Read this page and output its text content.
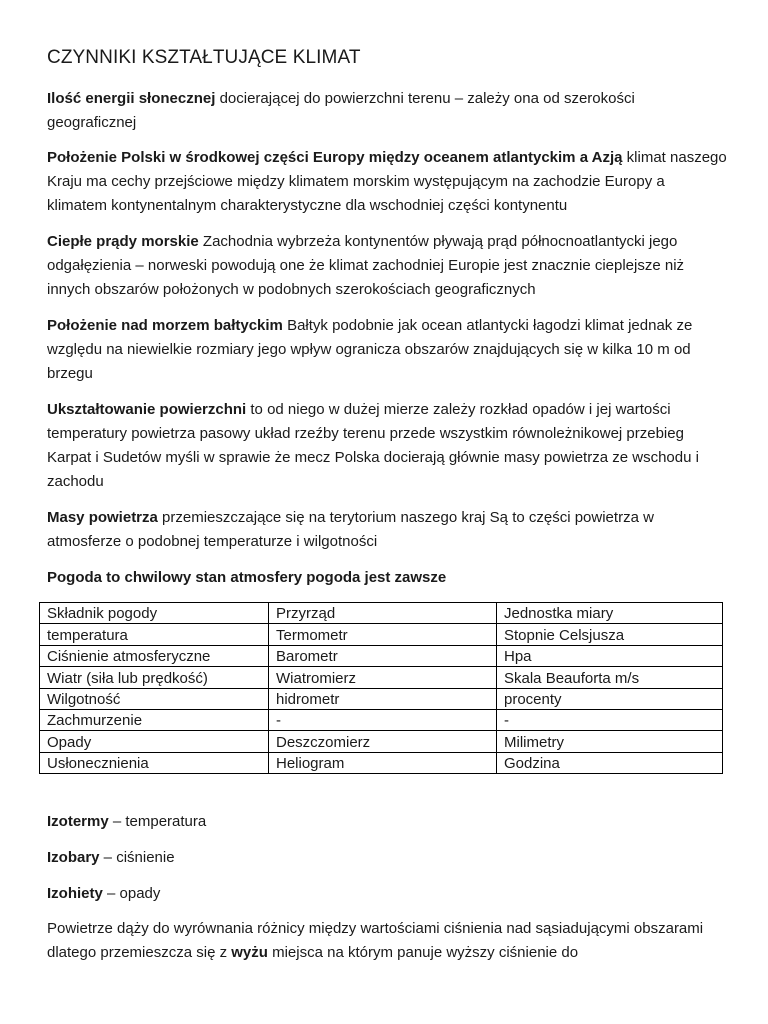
CZYNNIKI KSZTAŁTUJĄCE KLIMAT

Ilość energii słonecznej docierającej do powierzchni terenu – zależy ona od szerokości geograficznej

Położenie Polski w środkowej części Europy między oceanem atlantyckim a Azją klimat naszego Kraju ma cechy przejściowe między klimatem morskim występującym na zachodzie Europy a klimatem kontynentalnym charakterystyczne dla wschodniej części kontynentu

Ciepłe prądy morskie Zachodnia wybrzeża kontynentów pływają prąd północnoatlantycki jego odgałęzienia – norweski powodują one że klimat zachodniej Europie jest znacznie cieplejsze niż innych obszarów położonych w podobnych szerokościach geograficznych

Położenie nad morzem bałtyckim Bałtyk podobnie jak ocean atlantycki łagodzi klimat jednak ze względu na niewielkie rozmiary jego wpływ ogranicza obszarów znajdujących się w kilka 10 m od brzegu

Ukształtowanie powierzchni to od niego w dużej mierze zależy rozkład opadów i jej wartości temperatury powietrza pasowy układ rzeźby terenu przede wszystkim równoleżnikowej przebieg Karpat i Sudetów myśli w sprawie że mecz Polska docierają głównie masy powietrza ze wschodu i zachodu

Masy powietrza przemieszczające się na terytorium naszego kraj Są to części powietrza w atmosferze o podobnej temperaturze i wilgotności

Pogoda to chwilowy stan atmosfery pogoda jest zawsze

Składnik pogody	Przyrząd	Jednostka miary
temperatura	Termometr	Stopnie Celsjusza
Ciśnienie atmosferyczne	Barometr	Hpa
Wiatr (siła lub prędkość)	Wiatromierz	Skala Beauforta m/s
Wilgotność	hidrometr	procenty
Zachmurzenie	-	-
Opady	Deszczomierz	Milimetry
Usłonecznienia	Heliogram	Godzina

Izotermy – temperatura

Izobary – ciśnienie

Izohiety – opady

Powietrze dąży do wyrównania różnicy między wartościami ciśnienia nad sąsiadującymi obszarami dlatego przemieszcza się z wyżu miejsca na którym panuje wyższy ciśnienie do
